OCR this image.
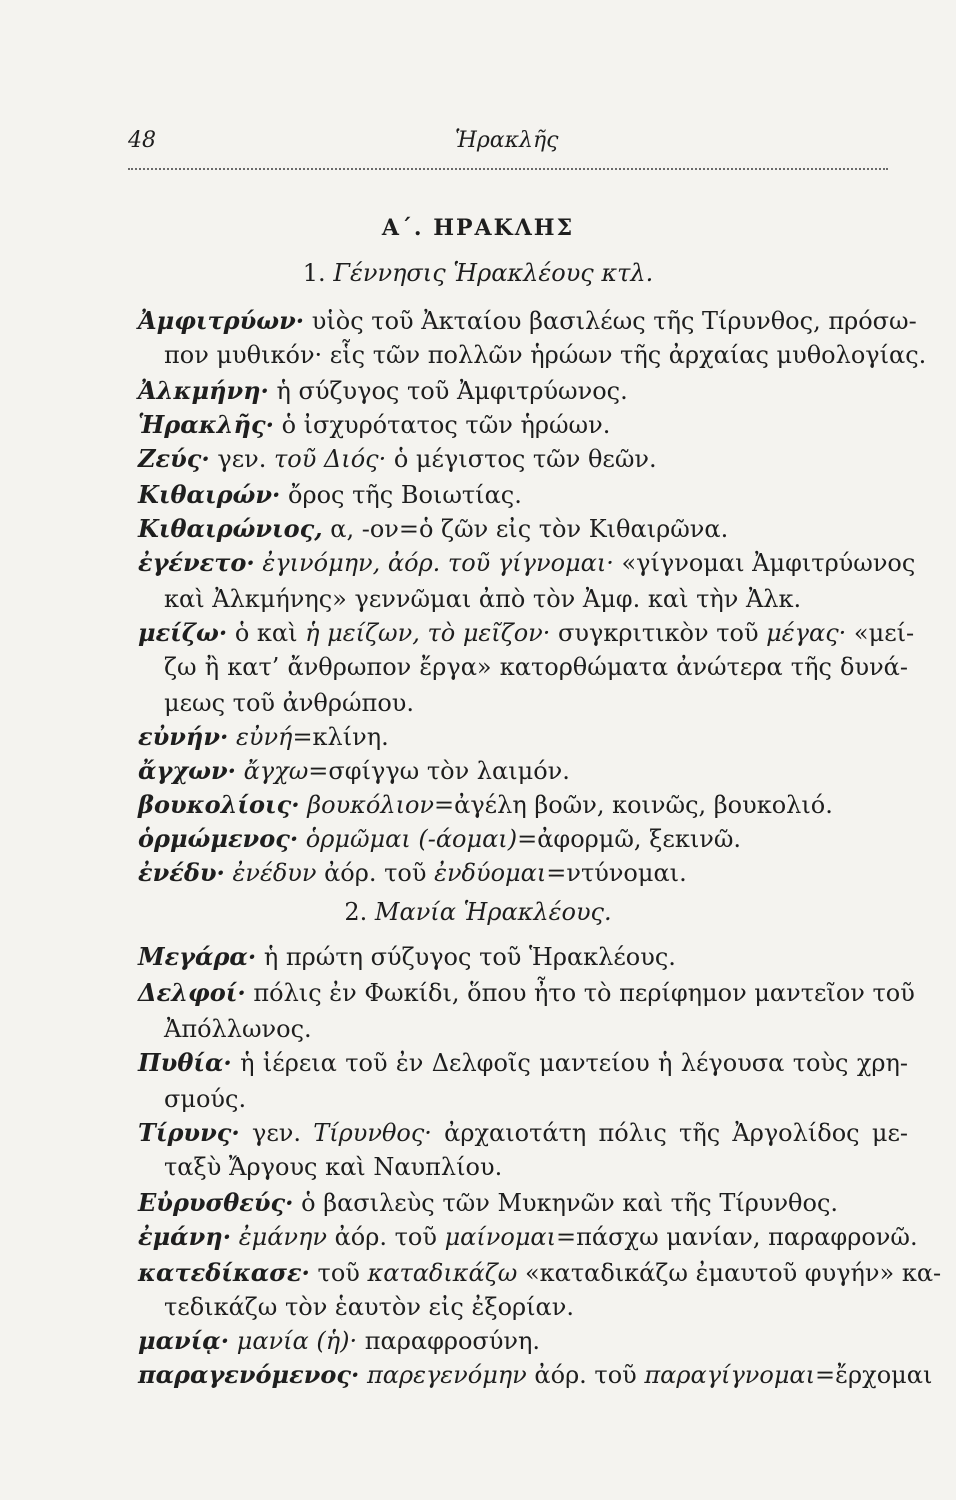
48	Ἡρακλῆς
Α΄. ΗΡΑΚΛΗΣ
1. Γέννησις Ἡρακλέους κτλ.
2. Μανία Ἡρακλέους.
Ἀμφιτρύων· υἱὸς τοῦ Ἀκταίου βασιλέως τῆς Τίρυνθος, πρόσω-
πον μυθικόν· εἷς τῶν πολλῶν ἡρώων τῆς ἀρχαίας μυθολογίας.
Ἀλκμήνη· ἡ σύζυγος τοῦ Ἀμφιτρύωνος.
Ἡρακλῆς· ὁ ἰσχυρότατος τῶν ἡρώων.
Ζεύς· γεν. τοῦ Διός· ὁ μέγιστος τῶν θεῶν.
Κιθαιρών· ὄρος τῆς Βοιωτίας.
Κιθαιρώνιος, α, -ον=ὁ ζῶν εἰς τὸν Κιθαιρῶνα.
ἐγένετο· ἐγινόμην, ἀόρ. τοῦ γίγνομαι· «γίγνομαι Ἀμφιτρύωνος
καὶ Ἀλκμήνης» γεννῶμαι ἀπὸ τὸν Ἀμφ. καὶ τὴν Ἀλκ.
μείζω· ὁ καὶ ἡ μείζων, τὸ μεῖζον· συγκριτικὸν τοῦ μέγας· «μεί-
ζω ἢ κατ’ ἄνθρωπον ἔργα» κατορθώματα ἀνώτερα τῆς δυνά-
μεως τοῦ ἀνθρώπου.
εὐνήν· εὐνή=κλίνη.
ἄγχων· ἄγχω=σφίγγω τὸν λαιμόν.
βουκολίοις· βουκόλιον=ἀγέλη βοῶν, κοινῶς, βουκολιό.
ὁρμώμενος· ὁρμῶμαι (-άομαι)=ἀφορμῶ, ξεκινῶ.
ἐνέδυ· ἐνέδυν ἀόρ. τοῦ ἐνδύομαι=ντύνομαι.
Μεγάρα· ἡ πρώτη σύζυγος τοῦ Ἡρακλέους.
Δελφοί· πόλις ἐν Φωκίδι, ὅπου ἦτο τὸ περίφημον μαντεῖον τοῦ
Ἀπόλλωνος.
Πυθία· ἡ ἱέρεια τοῦ ἐν Δελφοῖς μαντείου ἡ λέγουσα τοὺς χρη-
σμούς.
Τίρυνς· γεν. Τίρυνθος· ἀρχαιοτάτη πόλις τῆς Ἀργολίδος με-
ταξὺ Ἄργους καὶ Ναυπλίου.
Εὐρυσθεύς· ὁ βασιλεὺς τῶν Μυκηνῶν καὶ τῆς Τίρυνθος.
ἐμάνη· ἐμάνην ἀόρ. τοῦ μαίνομαι=πάσχω μανίαν, παραφρονῶ.
κατεδίκασε· τοῦ καταδικάζω «καταδικάζω ἐμαυτοῦ φυγήν» κα-
τεδικάζω τὸν ἑαυτὸν εἰς ἐξορίαν.
μανίᾳ· μανία (ἡ)· παραφροσύνη.
παραγενόμενος· παρεγενόμην ἀόρ. τοῦ παραγίγνομαι=ἔρχομαι
